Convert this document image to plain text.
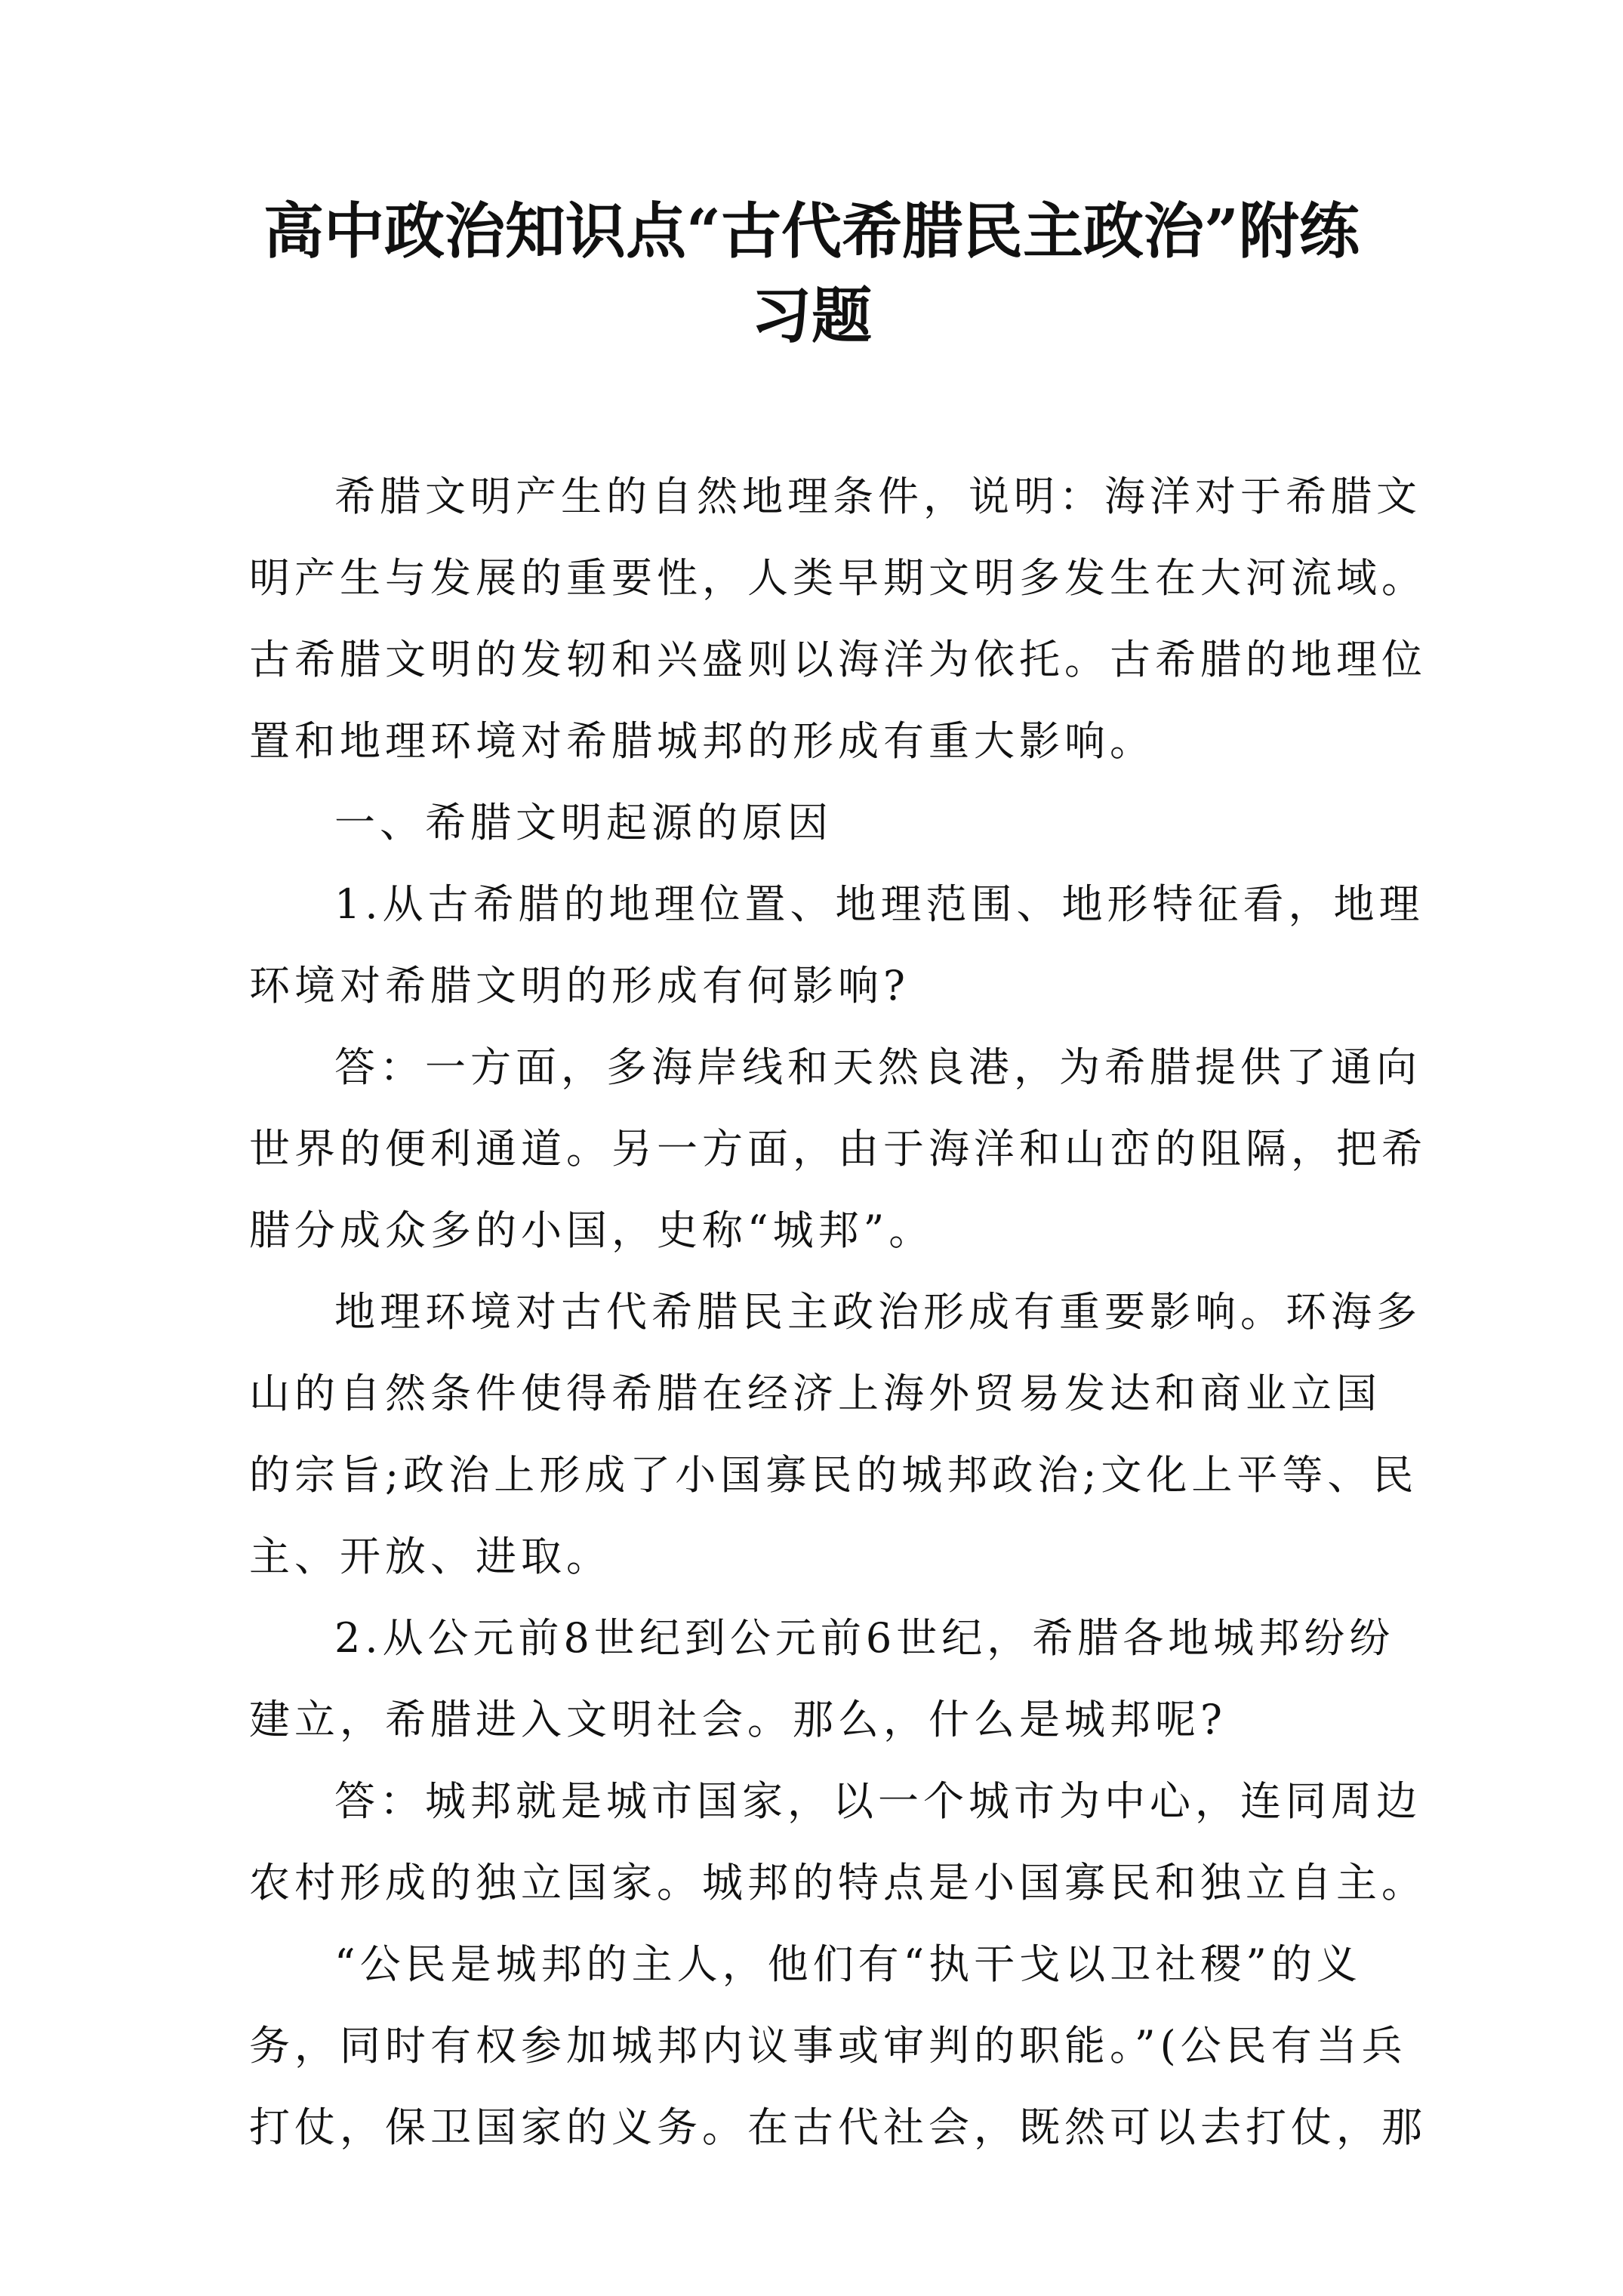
高中政治知识点“古代希腊民主政治”附练
习题
希腊文明产生的自然地理条件，说明：海洋对于希腊文
明产生与发展的重要性，人类早期文明多发生在大河流域。
古希腊文明的发轫和兴盛则以海洋为依托。古希腊的地理位
置和地理环境对希腊城邦的形成有重大影响。
一、希腊文明起源的原因
1.从古希腊的地理位置、地理范围、地形特征看，地理
环境对希腊文明的形成有何影响?
答：一方面，多海岸线和天然良港，为希腊提供了通向
世界的便利通道。另一方面，由于海洋和山峦的阻隔，把希
腊分成众多的小国，史称“城邦”。
地理环境对古代希腊民主政治形成有重要影响。环海多
山的自然条件使得希腊在经济上海外贸易发达和商业立国
的宗旨;政治上形成了小国寡民的城邦政治;文化上平等、民
主、开放、进取。
2.从公元前8世纪到公元前6世纪，希腊各地城邦纷纷
建立，希腊进入文明社会。那么，什么是城邦呢?
答：城邦就是城市国家，以一个城市为中心，连同周边
农村形成的独立国家。城邦的特点是小国寡民和独立自主。
“公民是城邦的主人，他们有“执干戈以卫社稷”的义
务，同时有权参加城邦内议事或审判的职能。”(公民有当兵
打仗，保卫国家的义务。在古代社会，既然可以去打仗，那
